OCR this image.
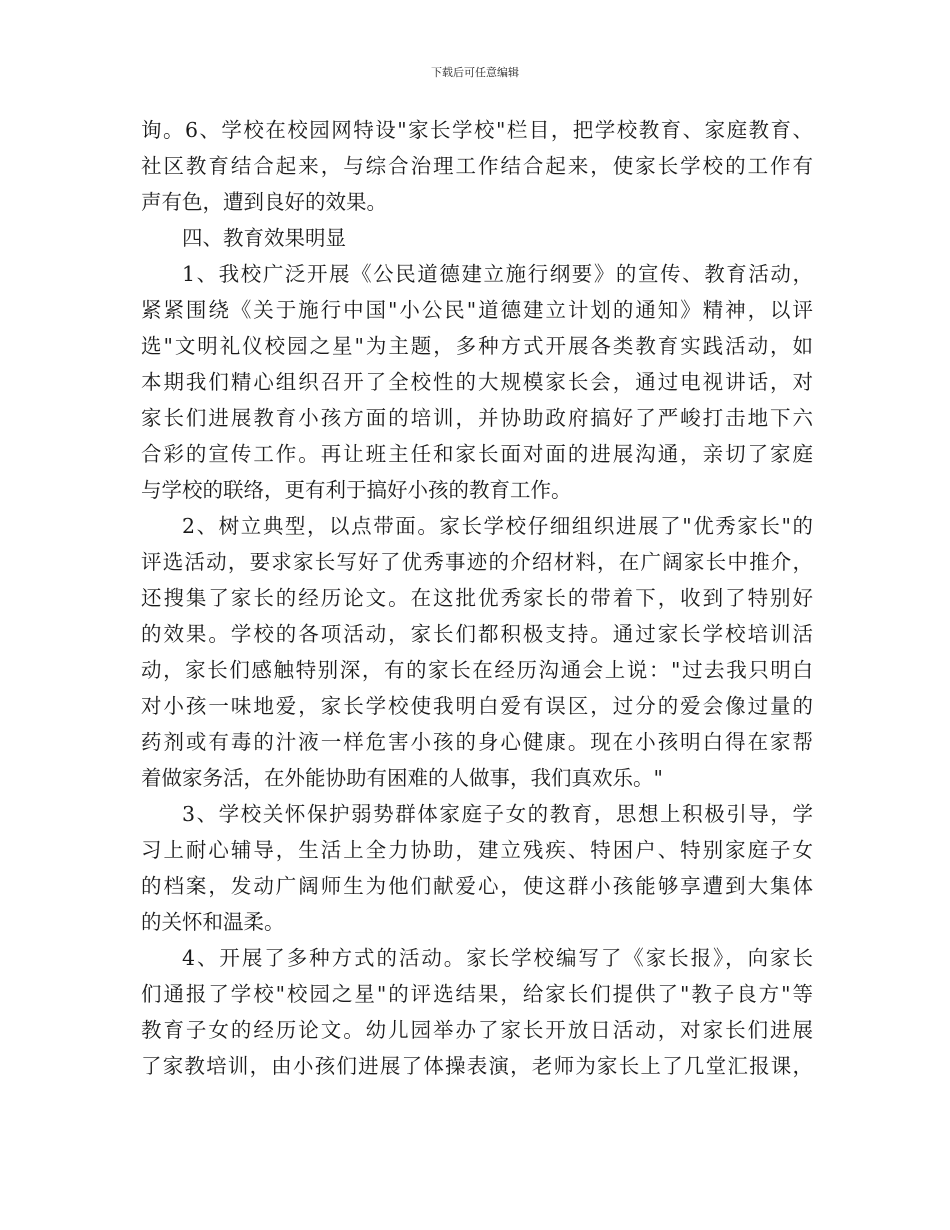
下载后可任意编辑
询。6、学校在校园网特设"家长学校"栏目，把学校教育、家庭教育、
社区教育结合起来，与综合治理工作结合起来，使家长学校的工作有
声有色，遭到良好的效果。
四、教育效果明显
1、我校广泛开展《公民道德建立施行纲要》的宣传、教育活动，
紧紧围绕《关于施行中国"小公民"道德建立计划的通知》精神，以评
选"文明礼仪校园之星"为主题，多种方式开展各类教育实践活动，如
本期我们精心组织召开了全校性的大规模家长会，通过电视讲话，对
家长们进展教育小孩方面的培训，并协助政府搞好了严峻打击地下六
合彩的宣传工作。再让班主任和家长面对面的进展沟通，亲切了家庭
与学校的联络，更有利于搞好小孩的教育工作。
2、树立典型，以点带面。家长学校仔细组织进展了"优秀家长"的
评选活动，要求家长写好了优秀事迹的介绍材料，在广阔家长中推介，
还搜集了家长的经历论文。在这批优秀家长的带着下，收到了特别好
的效果。学校的各项活动，家长们都积极支持。通过家长学校培训活
动，家长们感触特别深，有的家长在经历沟通会上说："过去我只明白
对小孩一味地爱，家长学校使我明白爱有误区，过分的爱会像过量的
药剂或有毒的汁液一样危害小孩的身心健康。现在小孩明白得在家帮
着做家务活，在外能协助有困难的人做事，我们真欢乐。"
3、学校关怀保护弱势群体家庭子女的教育，思想上积极引导，学
习上耐心辅导，生活上全力协助，建立残疾、特困户、特别家庭子女
的档案，发动广阔师生为他们献爱心，使这群小孩能够享遭到大集体
的关怀和温柔。
4、开展了多种方式的活动。家长学校编写了《家长报》，向家长
们通报了学校"校园之星"的评选结果，给家长们提供了"教子良方"等
教育子女的经历论文。幼儿园举办了家长开放日活动，对家长们进展
了家教培训，由小孩们进展了体操表演，老师为家长上了几堂汇报课，
